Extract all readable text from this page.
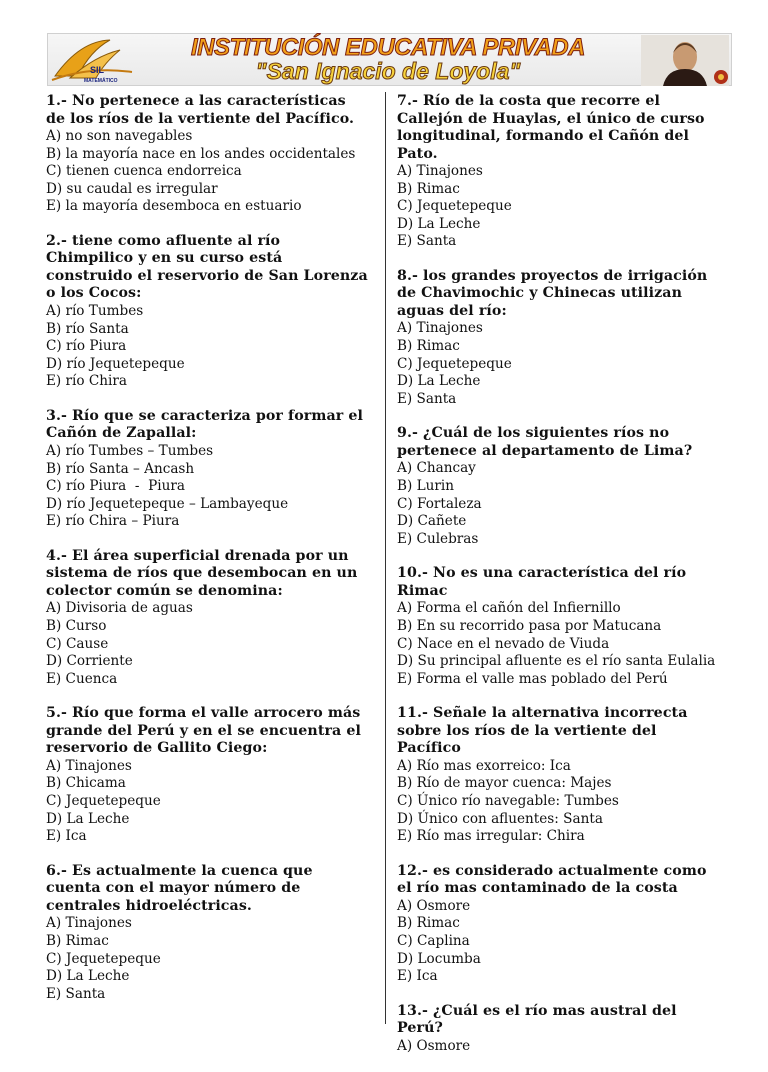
SIL
MATEMÁTICO
INSTITUCIÓN EDUCATIVA PRIVADA
"San Ignacio de Loyola"
1.- No pertenece a las características de los ríos de la vertiente del Pacífico.
A) no son navegables
B) la mayoría nace en los andes occidentales
C) tienen cuenca endorreica
D) su caudal es irregular
E) la mayoría desemboca en estuario
2.- tiene como afluente al río Chimpilico y en su curso está construido el reservorio de San Lorenza o los Cocos:
A) río Tumbes
B) río Santa
C) río Piura
D) río Jequetepeque
E) río Chira
3.- Río que se caracteriza por formar el Cañón de Zapallal:
A) río Tumbes – Tumbes
B) río Santa – Ancash
C) río Piura  -  Piura
D) río Jequetepeque – Lambayeque
E) río Chira – Piura
4.- El área superficial drenada por un sistema de ríos que desembocan en un colector común se denomina:
A) Divisoria de aguas
B) Curso
C) Cause
D) Corriente
E) Cuenca
5.- Río que forma el valle arrocero más grande del Perú y en el se encuentra el reservorio de Gallito Ciego:
A) Tinajones
B) Chicama
C) Jequetepeque
D) La Leche
E) Ica
6.- Es actualmente la cuenca que cuenta con el mayor número de centrales hidroeléctricas.
A) Tinajones
B) Rimac
C) Jequetepeque
D) La Leche
E) Santa
7.- Río de la costa que recorre el Callejón de Huaylas, el único de curso longitudinal, formando el Cañón del Pato.
A) Tinajones
B) Rimac
C) Jequetepeque
D) La Leche
E) Santa
8.- los grandes proyectos de irrigación de Chavimochic y Chinecas utilizan aguas del río:
A) Tinajones
B) Rimac
C) Jequetepeque
D) La Leche
E) Santa
9.- ¿Cuál de los siguientes ríos no pertenece al departamento de Lima?
A) Chancay
B) Lurin
C) Fortaleza
D) Cañete
E) Culebras
10.- No es una característica del río Rimac
A) Forma el cañón del Infiernillo
B) En su recorrido pasa por Matucana
C) Nace en el nevado de Viuda
D) Su principal afluente es el río santa Eulalia
E) Forma el valle mas poblado del Perú
11.- Señale la alternativa incorrecta sobre los ríos de la vertiente del Pacífico
A) Río mas exorreico: Ica
B) Río de mayor cuenca: Majes
C) Único río navegable: Tumbes
D) Único con afluentes: Santa
E) Río mas irregular: Chira
12.- es considerado actualmente como el río mas contaminado de la costa
A) Osmore
B) Rimac
C) Caplina
D) Locumba
E) Ica
13.- ¿Cuál es el río mas austral del Perú?
A) Osmore
